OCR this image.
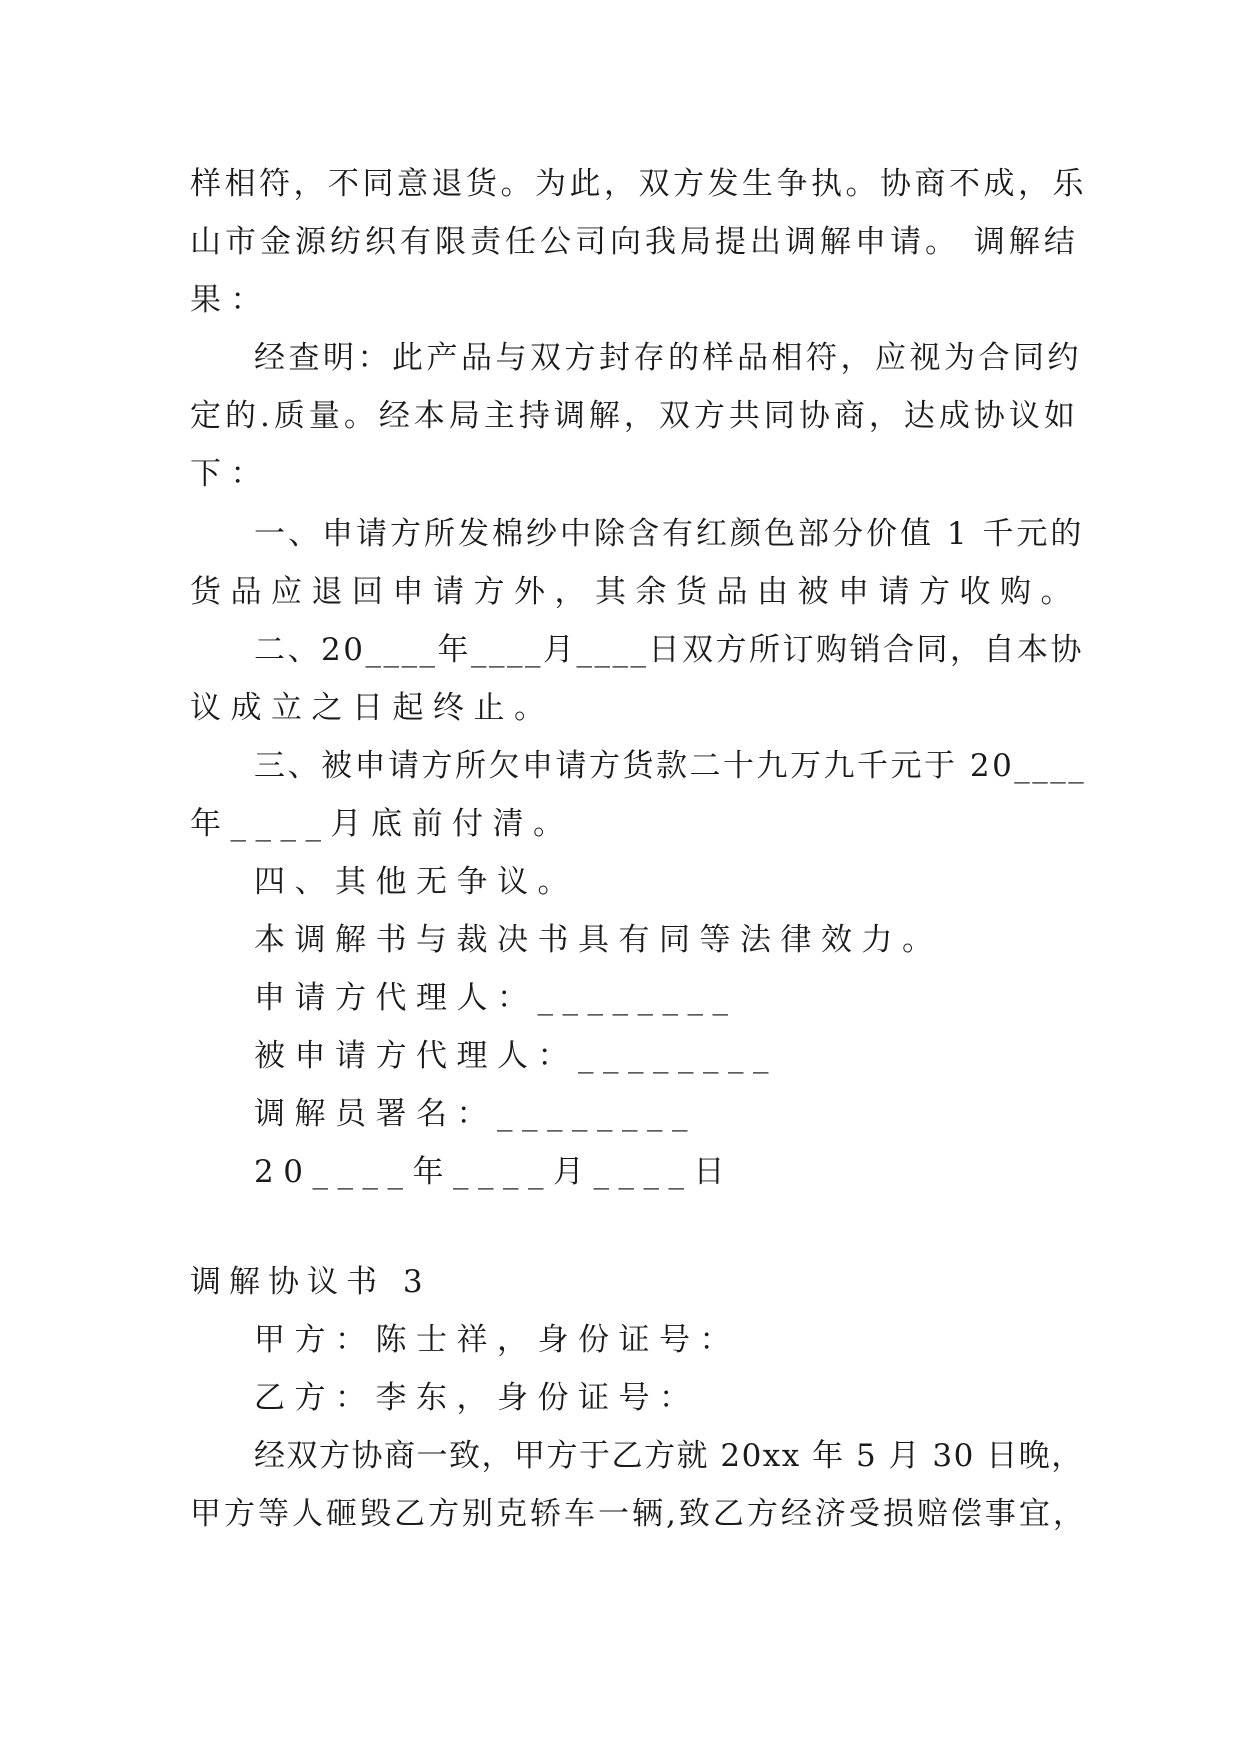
样相符，不同意退货。为此，双方发生争执。协商不成，乐
山市金源纺织有限责任公司向我局提出调解申请。 调解结
果：
经查明：此产品与双方封存的样品相符，应视为合同约
定的.质量。经本局主持调解，双方共同协商，达成协议如
下：
一、申请方所发棉纱中除含有红颜色部分价值 1 千元的
货品应退回申请方外，其余货品由被申请方收购。
二、20____年____月____日双方所订购销合同，自本协
议成立之日起终止。
三、被申请方所欠申请方货款二十九万九千元于 20____
年____月底前付清。
四、其他无争议。
本调解书与裁决书具有同等法律效力。
申请方代理人：________
被申请方代理人：________
调解员署名：________
20____年____月____日
调解协议书 3
甲方：陈士祥，身份证号：
乙方：李东，身份证号：
经双方协商一致，甲方于乙方就 20xx 年 5 月 30 日晚，
甲方等人砸毁乙方别克轿车一辆,致乙方经济受损赔偿事宜，
